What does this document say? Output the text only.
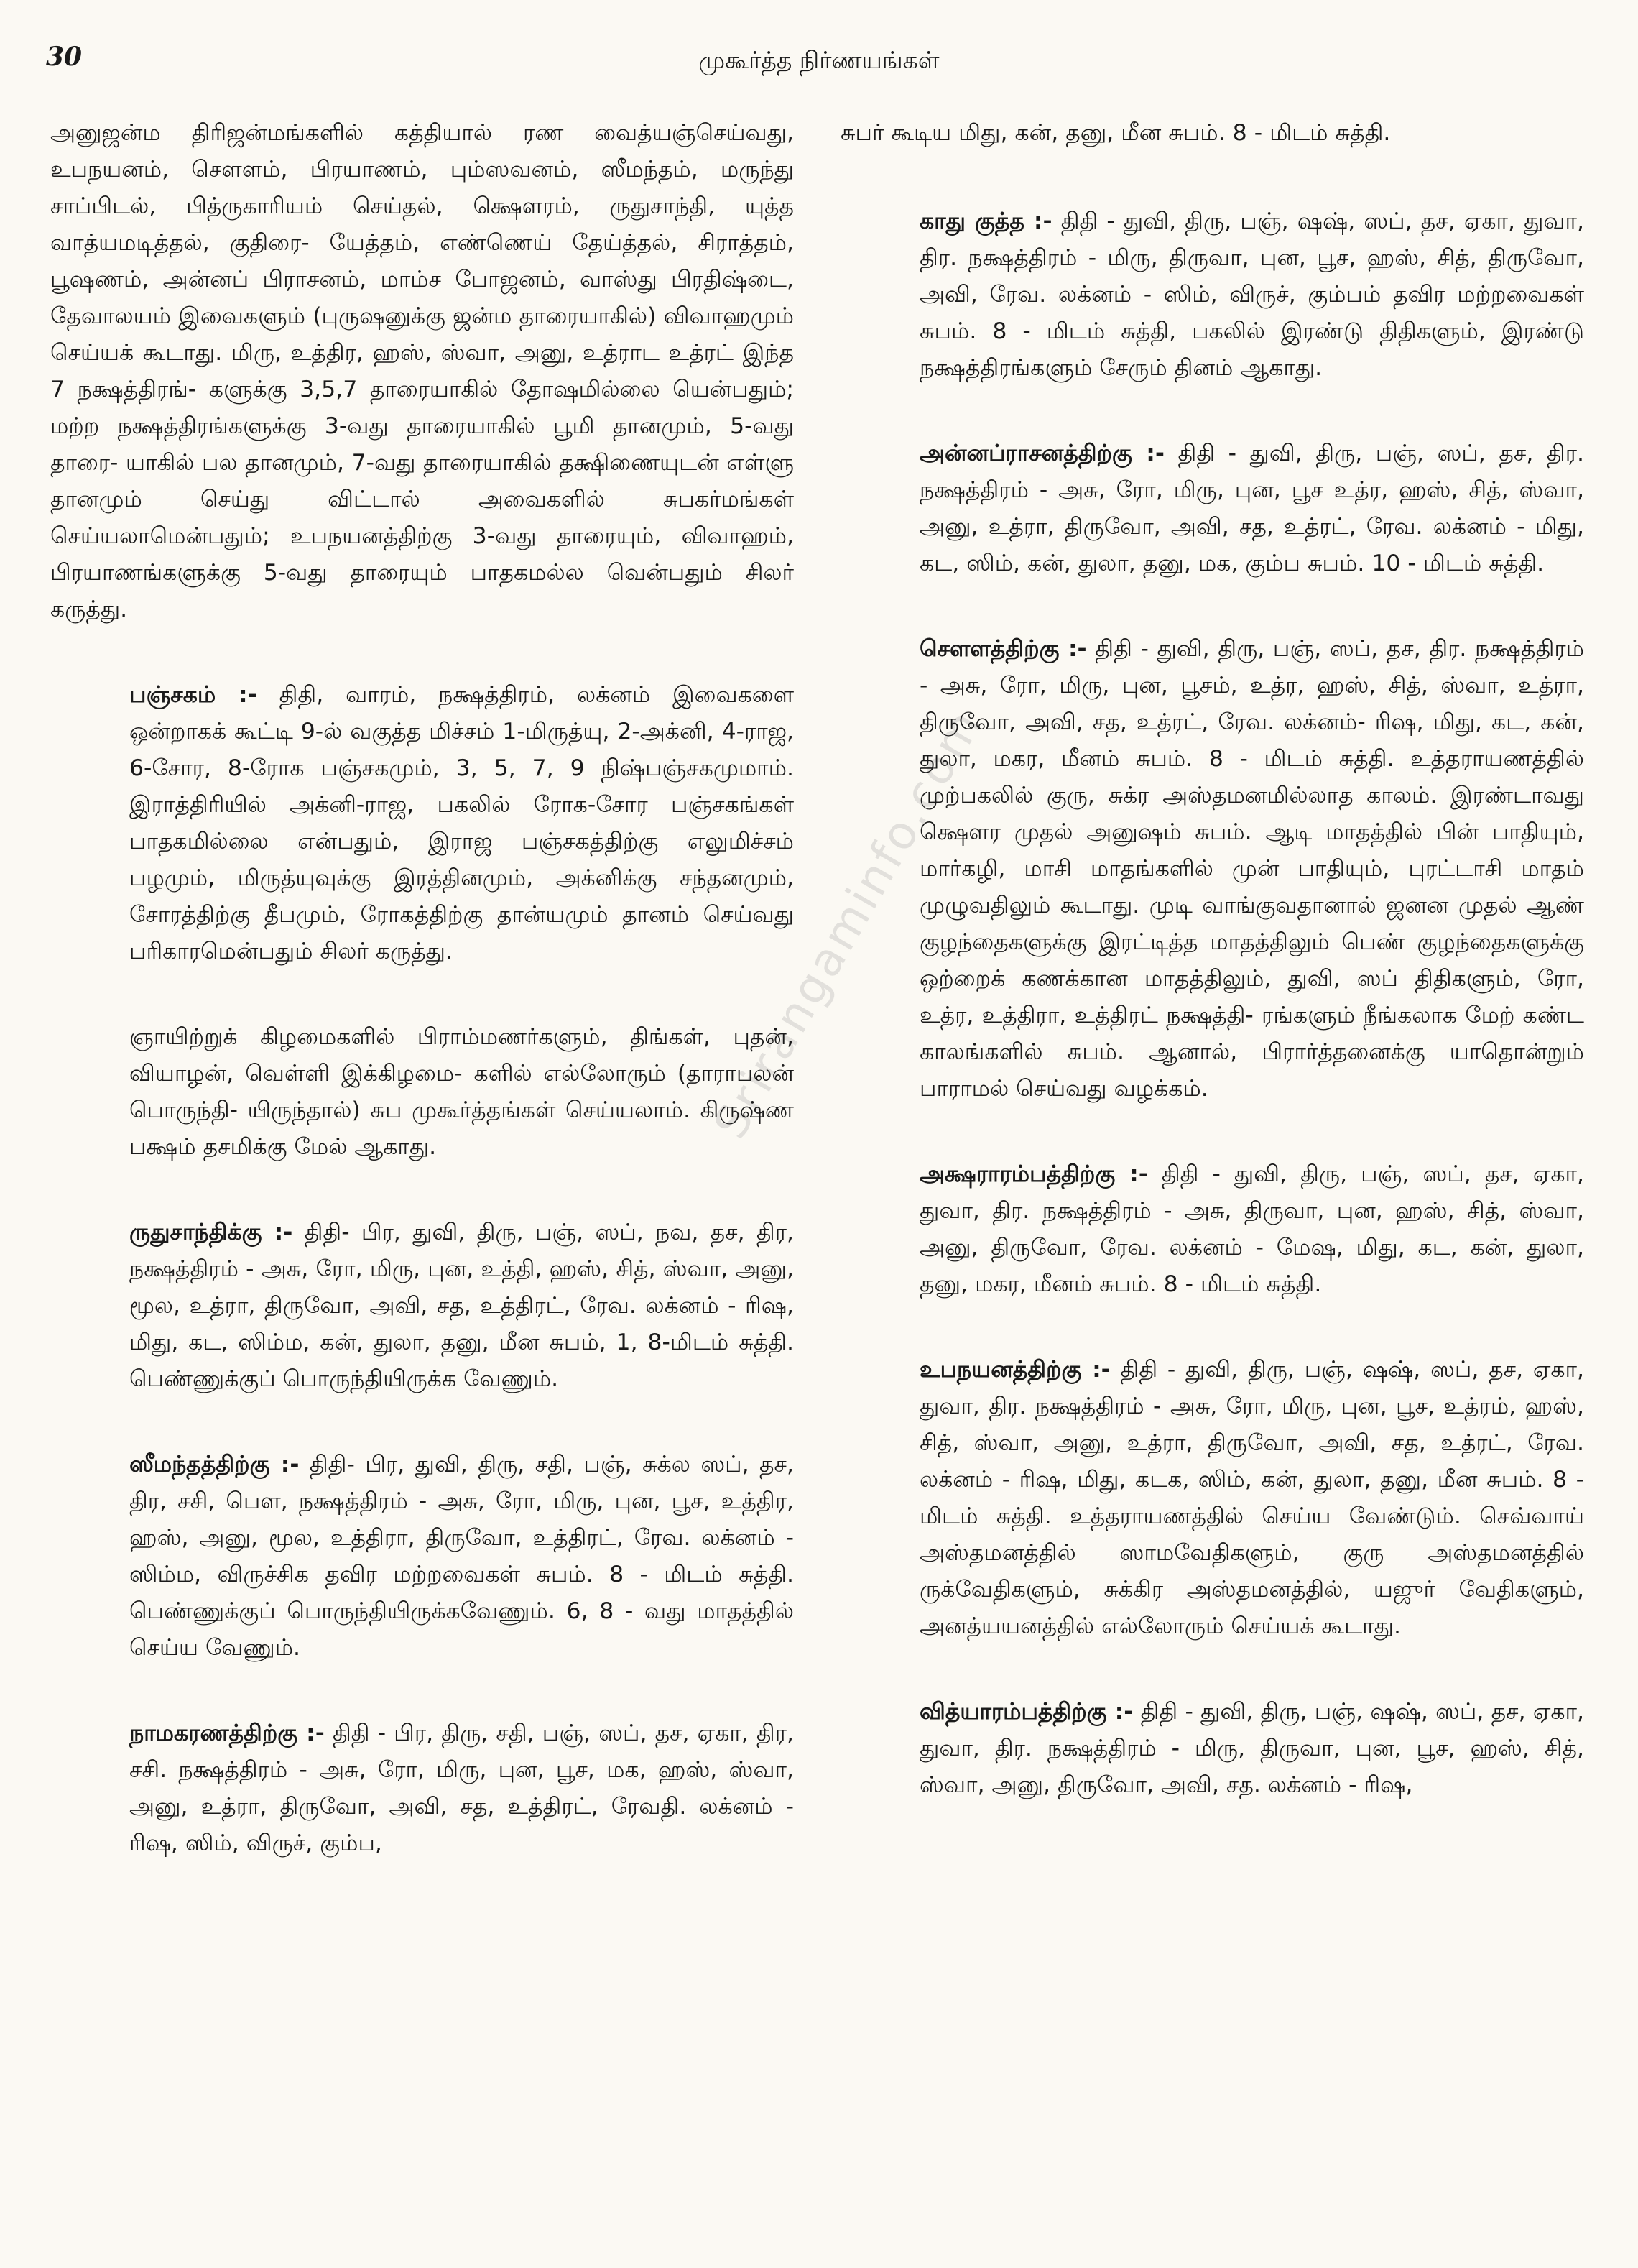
30	முகூர்த்த நிர்ணயங்கள்
Srirangaminfo.com

அனுஜன்ம திரிஜன்மங்களில் கத்தியால் ரண வைத்யஞ்செய்வது, உபநயனம், சௌளம், பிரயாணம், பும்ஸவனம், ஸீமந்தம், மருந்து சாப்பிடல், பித்ருகாரியம் செய்தல், க்ஷௌரம், ருதுசாந்தி, யுத்த வாத்யமடித்தல், குதிரை- யேத்தம், எண்ணெய் தேய்த்தல், சிராத்தம், பூஷணம், அன்னப் பிராசனம், மாம்ச போஜனம், வாஸ்து பிரதிஷ்டை, தேவாலயம் இவைகளும் (புருஷனுக்கு ஜன்ம தாரையாகில்) விவாஹமும் செய்யக் கூடாது. மிரு, உத்திர, ஹஸ், ஸ்வா, அனு, உத்ராட உத்ரட் இந்த 7 நக்ஷத்திரங்- களுக்கு 3,5,7 தாரையாகில் தோஷமில்லை யென்பதும்; மற்ற நக்ஷத்திரங்களுக்கு 3-வது தாரையாகில் பூமி தானமும், 5-வது தாரை- யாகில் பல தானமும், 7-வது தாரையாகில் தக்ஷிணையுடன் எள்ளு தானமும் செய்து விட்டால் அவைகளில் சுபகர்மங்கள் செய்யலாமென்பதும்; உபநயனத்திற்கு 3-வது தாரையும், விவாஹம், பிரயாணங்களுக்கு 5-வது தாரையும் பாதகமல்ல வென்பதும் சிலர் கருத்து.

பஞ்சகம் :- திதி, வாரம், நக்ஷத்திரம், லக்னம் இவைகளை ஒன்றாகக் கூட்டி 9-ல் வகுத்த மிச்சம் 1-மிருத்யு, 2-அக்னி, 4-ராஜ, 6-சோர, 8-ரோக பஞ்சகமும், 3, 5, 7, 9 நிஷ்பஞ்சகமுமாம். இராத்திரியில் அக்னி-ராஜ, பகலில் ரோக-சோர பஞ்சகங்கள் பாதகமில்லை என்பதும், இராஜ பஞ்சகத்திற்கு எலுமிச்சம் பழமும், மிருத்யுவுக்கு இரத்தினமும், அக்னிக்கு சந்தனமும், சோரத்திற்கு தீபமும், ரோகத்திற்கு தான்யமும் தானம் செய்வது பரிகாரமென்பதும் சிலர் கருத்து.

ஞாயிற்றுக் கிழமைகளில் பிராம்மணர்களும், திங்கள், புதன், வியாழன், வெள்ளி இக்கிழமை- களில் எல்லோரும் (தாராபலன் பொருந்தி- யிருந்தால்) சுப முகூர்த்தங்கள் செய்யலாம். கிருஷ்ண பக்ஷம் தசமிக்கு மேல் ஆகாது.

ருதுசாந்திக்கு :- திதி- பிர, துவி, திரு, பஞ், ஸப், நவ, தச, திர, நக்ஷத்திரம் - அசு, ரோ, மிரு, புன, உத்தி, ஹஸ், சித், ஸ்வா, அனு, மூல, உத்ரா, திருவோ, அவி, சத, உத்திரட், ரேவ. லக்னம் - ரிஷ, மிது, கட, ஸிம்ம, கன், துலா, தனு, மீன சுபம், 1, 8-மிடம் சுத்தி. பெண்ணுக்குப் பொருந்தியிருக்க வேணும்.

ஸீமந்தத்திற்கு :- திதி- பிர, துவி, திரு, சதி, பஞ், சுக்ல ஸப், தச, திர, சசி, பௌ, நக்ஷத்திரம் - அசு, ரோ, மிரு, புன, பூச, உத்திர, ஹஸ், அனு, மூல, உத்திரா, திருவோ, உத்திரட், ரேவ. லக்னம் - ஸிம்ம, விருச்சிக தவிர மற்றவைகள் சுபம். 8 - மிடம் சுத்தி. பெண்ணுக்குப் பொருந்தியிருக்கவேணும். 6, 8 - வது மாதத்தில் செய்ய வேணும்.

நாமகரணத்திற்கு :- திதி - பிர, திரு, சதி, பஞ், ஸப், தச, ஏகா, திர, சசி. நக்ஷத்திரம் - அசு, ரோ, மிரு, புன, பூச, மக, ஹஸ், ஸ்வா, அனு, உத்ரா, திருவோ, அவி, சத, உத்திரட், ரேவதி. லக்னம் - ரிஷ, ஸிம், விருச், கும்ப,

சுபர் கூடிய மிது, கன், தனு, மீன சுபம். 8 - மிடம் சுத்தி.

காது குத்த :- திதி - துவி, திரு, பஞ், ஷஷ், ஸப், தச, ஏகா, துவா, திர. நக்ஷத்திரம் - மிரு, திருவா, புன, பூச, ஹஸ், சித், திருவோ, அவி, ரேவ. லக்னம் - ஸிம், விருச், கும்பம் தவிர மற்றவைகள் சுபம். 8 - மிடம் சுத்தி, பகலில் இரண்டு திதிகளும், இரண்டு நக்ஷத்திரங்களும் சேரும் தினம் ஆகாது.

அன்னப்ராசனத்திற்கு :- திதி - துவி, திரு, பஞ், ஸப், தச, திர. நக்ஷத்திரம் - அசு, ரோ, மிரு, புன, பூச உத்ர, ஹஸ், சித், ஸ்வா, அனு, உத்ரா, திருவோ, அவி, சத, உத்ரட், ரேவ. லக்னம் - மிது, கட, ஸிம், கன், துலா, தனு, மக, கும்ப சுபம். 10 - மிடம் சுத்தி.

சௌளத்திற்கு :- திதி - துவி, திரு, பஞ், ஸப், தச, திர. நக்ஷத்திரம் - அசு, ரோ, மிரு, புன, பூசம், உத்ர, ஹஸ், சித், ஸ்வா, உத்ரா, திருவோ, அவி, சத, உத்ரட், ரேவ. லக்னம்- ரிஷ, மிது, கட, கன், துலா, மகர, மீனம் சுபம். 8 - மிடம் சுத்தி. உத்தராயணத்தில் முற்பகலில் குரு, சுக்ர அஸ்தமனமில்லாத காலம். இரண்டாவது க்ஷௌர முதல் அனுஷம் சுபம். ஆடி மாதத்தில் பின் பாதியும், மார்கழி, மாசி மாதங்களில் முன் பாதியும், புரட்டாசி மாதம் முழுவதிலும் கூடாது. முடி வாங்குவதானால் ஜனன முதல் ஆண் குழந்தைகளுக்கு இரட்டித்த மாதத்திலும் பெண் குழந்தைகளுக்கு ஒற்றைக் கணக்கான மாதத்திலும், துவி, ஸப் திதிகளும், ரோ, உத்ர, உத்திரா, உத்திரட் நக்ஷத்தி- ரங்களும் நீங்கலாக மேற் கண்ட காலங்களில் சுபம். ஆனால், பிரார்த்தனைக்கு யாதொன்றும் பாராமல் செய்வது வழக்கம்.

அக்ஷராரம்பத்திற்கு :- திதி - துவி, திரு, பஞ், ஸப், தச, ஏகா, துவா, திர. நக்ஷத்திரம் - அசு, திருவா, புன, ஹஸ், சித், ஸ்வா, அனு, திருவோ, ரேவ. லக்னம் - மேஷ, மிது, கட, கன், துலா, தனு, மகர, மீனம் சுபம். 8 - மிடம் சுத்தி.

உபநயனத்திற்கு :- திதி - துவி, திரு, பஞ், ஷஷ், ஸப், தச, ஏகா, துவா, திர. நக்ஷத்திரம் - அசு, ரோ, மிரு, புன, பூச, உத்ரம், ஹஸ், சித், ஸ்வா, அனு, உத்ரா, திருவோ, அவி, சத, உத்ரட், ரேவ. லக்னம் - ரிஷ, மிது, கடக, ஸிம், கன், துலா, தனு, மீன சுபம். 8 - மிடம் சுத்தி. உத்தராயணத்தில் செய்ய வேண்டும். செவ்வாய் அஸ்தமனத்தில் ஸாமவேதிகளும், குரு அஸ்தமனத்தில் ருக்வேதிகளும், சுக்கிர அஸ்தமனத்தில், யஜுர் வேதிகளும், அனத்யயனத்தில் எல்லோரும் செய்யக் கூடாது.

வித்யாரம்பத்திற்கு :- திதி - துவி, திரு, பஞ், ஷஷ், ஸப், தச, ஏகா, துவா, திர. நக்ஷத்திரம் - மிரு, திருவா, புன, பூச, ஹஸ், சித், ஸ்வா, அனு, திருவோ, அவி, சத. லக்னம் - ரிஷ,
